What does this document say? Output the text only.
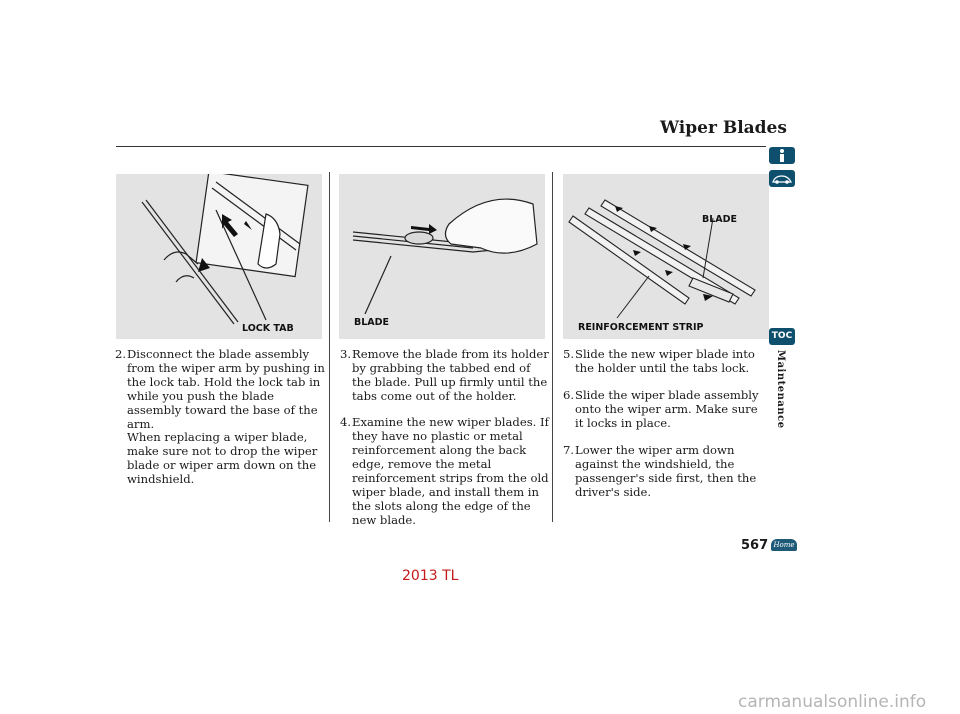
Wiper Blades
LOCK TAB
BLADE
BLADE
REINFORCEMENT STRIP
2. Disconnect the blade assembly from the wiper arm by pushing in the lock tab. Hold the lock tab in while you push the blade assembly toward the base of the arm.
When replacing a wiper blade, make sure not to drop the wiper blade or wiper arm down on the windshield.
3. Remove the blade from its holder by grabbing the tabbed end of the blade. Pull up firmly until the tabs come out of the holder.
4. Examine the new wiper blades. If they have no plastic or metal reinforcement along the back edge, remove the metal reinforcement strips from the old wiper blade, and install them in the slots along the edge of the new blade.
5. Slide the new wiper blade into the holder until the tabs lock.
6. Slide the wiper blade assembly onto the wiper arm. Make sure it locks in place.
7. Lower the wiper arm down against the windshield, the passenger's side first, then the driver's side.
TOC
Maintenance
567 Home
2013 TL
carmanualsonline.info
